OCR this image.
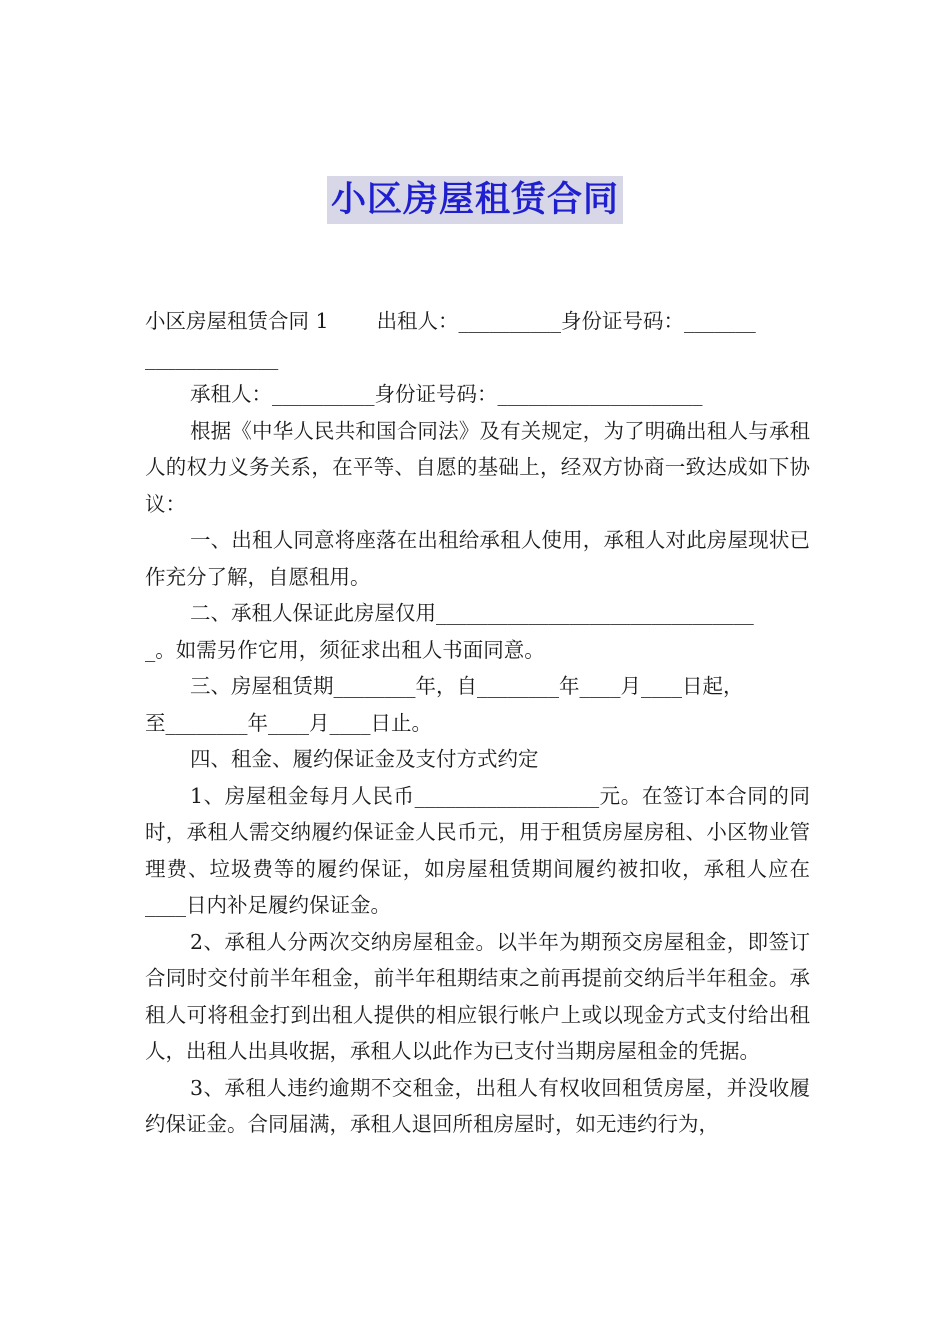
小区房屋租赁合同

小区房屋租赁合同 1 出租人：__________身份证号码：_______

_____________

承租人：__________身份证号码：____________________

根据《中华人民共和国合同法》及有关规定，为了明确出租人与承租人的权力义务关系，在平等、自愿的基础上，经双方协商一致达成如下协议：

一、出租人同意将座落在出租给承租人使用，承租人对此房屋现状已作充分了解，自愿租用。

二、承租人保证此房屋仅用_______________________________

_。如需另作它用，须征求出租人书面同意。

三、房屋租赁期________年，自________年____月____日起，

至________年____月____日止。

四、租金、履约保证金及支付方式约定

1、房屋租金每月人民币__________________元。在签订本合同的同时，承租人需交纳履约保证金人民币元，用于租赁房屋房租、小区物业管理费、垃圾费等的履约保证，如房屋租赁期间履约被扣收，承租人应在____日内补足履约保证金。

2、承租人分两次交纳房屋租金。以半年为期预交房屋租金，即签订合同时交付前半年租金，前半年租期结束之前再提前交纳后半年租金。承租人可将租金打到出租人提供的相应银行帐户上或以现金方式支付给出租人，出租人出具收据，承租人以此作为已支付当期房屋租金的凭据。

3、承租人违约逾期不交租金，出租人有权收回租赁房屋，并没收履约保证金。合同届满，承租人退回所租房屋时，如无违约行为，
